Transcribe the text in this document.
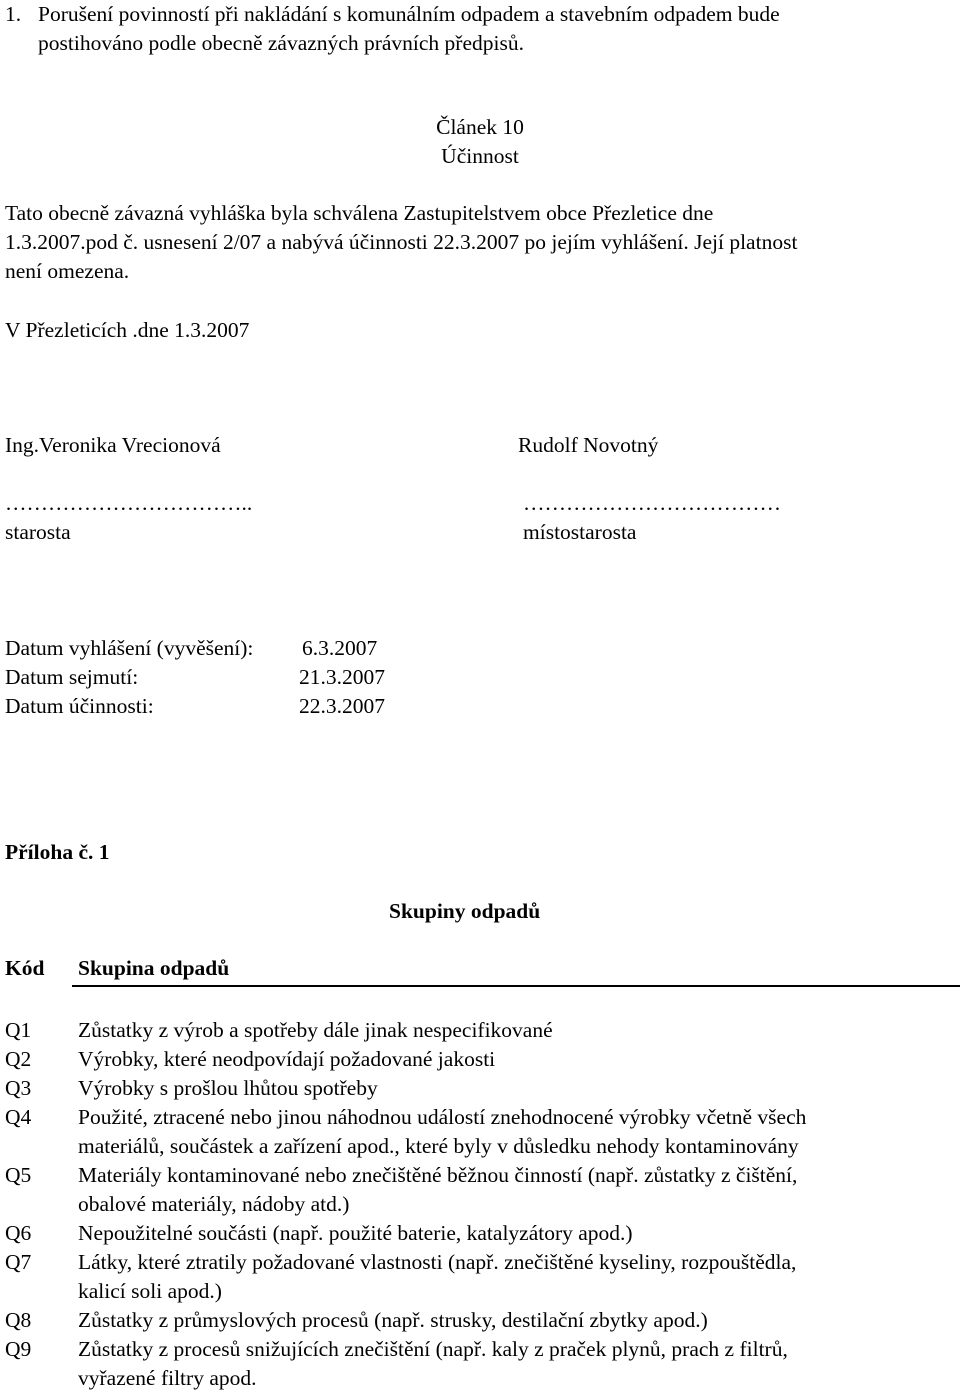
1. Porušení povinností při nakládání s komunálním odpadem a stavebním odpadem bude
postihováno podle obecně závazných právních předpisů.
Článek 10
Účinnost
Tato obecně závazná vyhláška byla schválena Zastupitelstvem obce Přezletice dne
1.3.2007.pod č. usnesení 2/07 a nabývá účinnosti 22.3.2007 po jejím vyhlášení. Její platnost
není omezena.
V Přezleticích .dne 1.3.2007
Ing.Veronika Vrecionová	Rudolf Novotný
……………………………..	………………………………
starosta	místostarosta
Datum vyhlášení (vyvěšení): 6.3.2007
Datum sejmutí:	21.3.2007
Datum účinnosti:	22.3.2007
Příloha č. 1
Skupiny odpadů
Kód Skupina odpadů
Q1 Zůstatky z výrob a spotřeby dále jinak nespecifikované
Q2 Výrobky, které neodpovídají požadované jakosti
Q3 Výrobky s prošlou lhůtou spotřeby
Q4 Použité, ztracené nebo jinou náhodnou událostí znehodnocené výrobky včetně všech
materiálů, součástek a zařízení apod., které byly v důsledku nehody kontaminovány
Q5 Materiály kontaminované nebo znečištěné běžnou činností (např. zůstatky z čištění,
obalové materiály, nádoby atd.)
Q6 Nepoužitelné součásti (např. použité baterie, katalyzátory apod.)
Q7 Látky, které ztratily požadované vlastnosti (např. znečištěné kyseliny, rozpouštědla,
kalicí soli apod.)
Q8 Zůstatky z průmyslových procesů (např. strusky, destilační zbytky apod.)
Q9 Zůstatky z procesů snižujících znečištění (např. kaly z praček plynů, prach z filtrů,
vyřazené filtry apod.
